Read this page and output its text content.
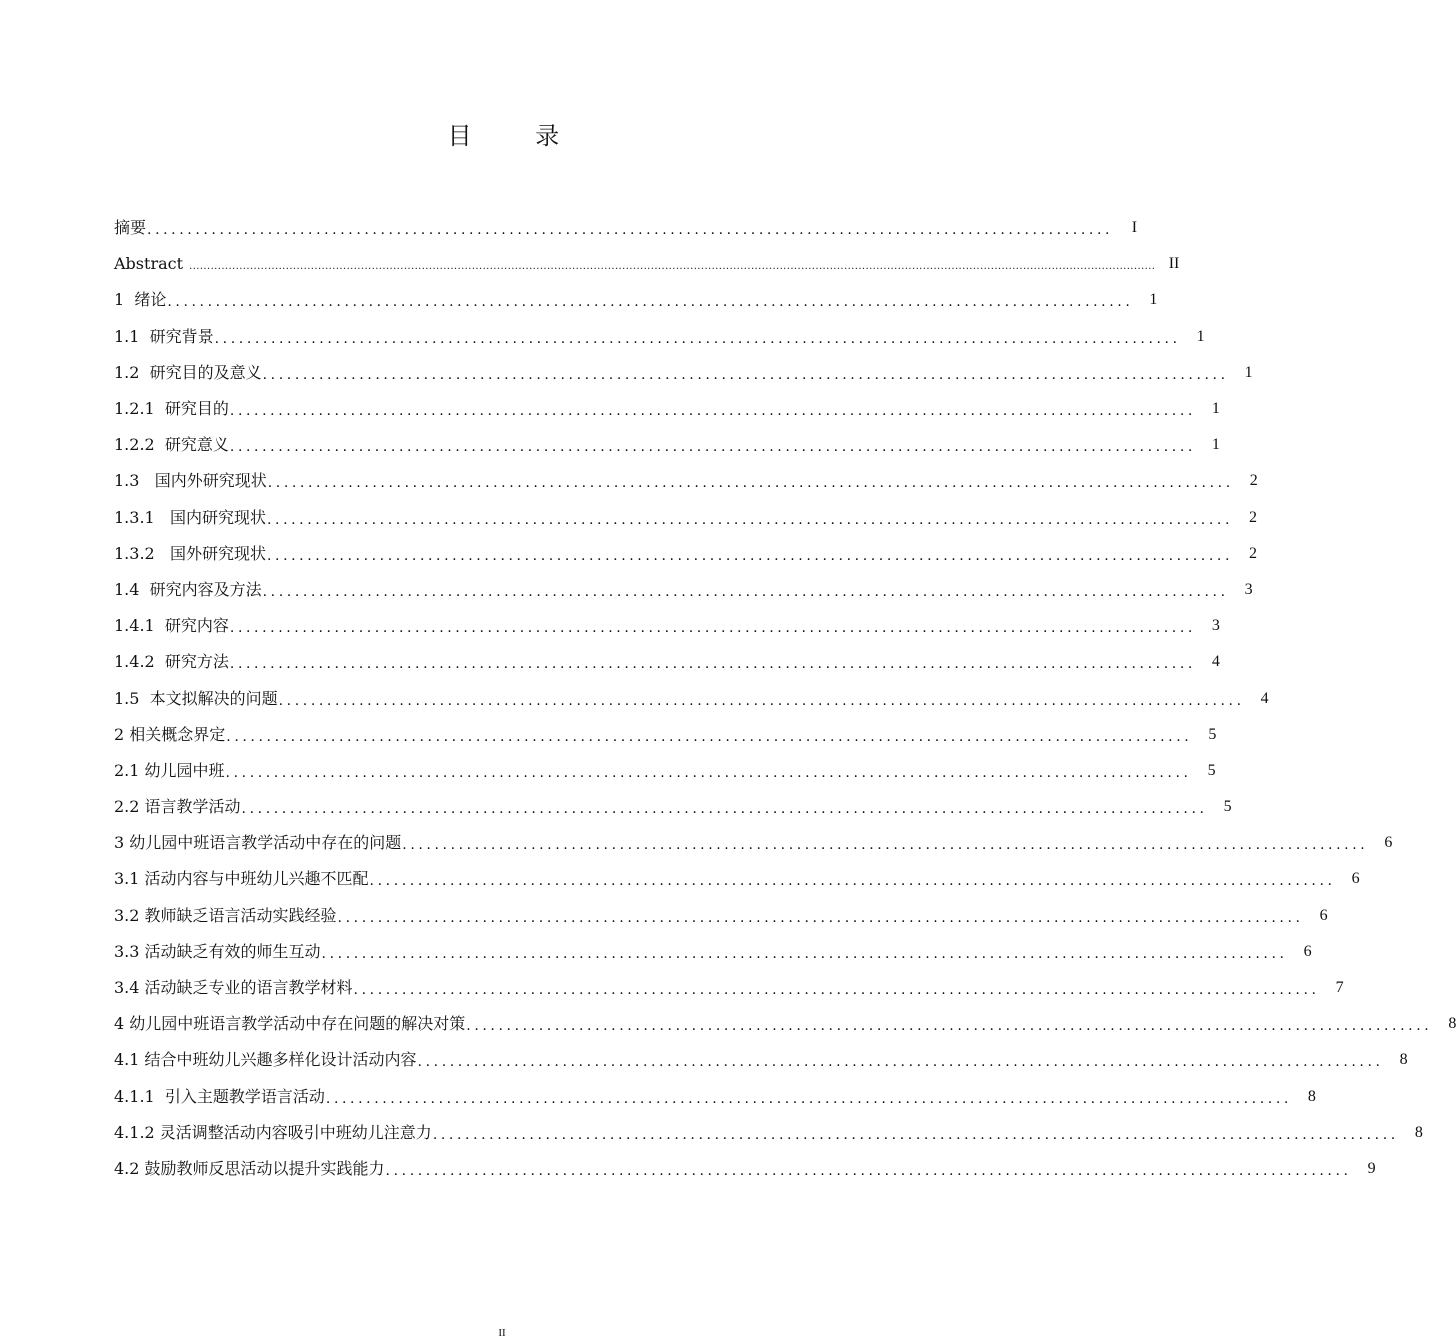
目 录
摘要 ........................................................................................................................	I
Abstract .............................................................................................................................................................................................................................................................................. II
1  绪论 ........................................................................................................................	1
1.1  研究背景 ........................................................................................................................	1
1.2  研究目的及意义 ........................................................................................................................	1
1.2.1  研究目的 ........................................................................................................................	1
1.2.2  研究意义 ........................................................................................................................	1
1.3   国内外研究现状 ........................................................................................................................	2
1.3.1   国内研究现状 ........................................................................................................................	2
1.3.2   国外研究现状 ........................................................................................................................	2
1.4  研究内容及方法 ........................................................................................................................	3
1.4.1  研究内容 ........................................................................................................................	3
1.4.2  研究方法 ........................................................................................................................	4
1.5  本文拟解决的问题 ........................................................................................................................	4
2 相关概念界定 ........................................................................................................................	5
2.1 幼儿园中班 ........................................................................................................................	5
2.2 语言教学活动 ........................................................................................................................	5
3 幼儿园中班语言教学活动中存在的问题 ........................................................................................................................	6
3.1 活动内容与中班幼儿兴趣不匹配 ........................................................................................................................	6
3.2 教师缺乏语言活动实践经验 ........................................................................................................................	6
3.3 活动缺乏有效的师生互动 ........................................................................................................................	6
3.4 活动缺乏专业的语言教学材料 ........................................................................................................................	7
4 幼儿园中班语言教学活动中存在问题的解决对策 ........................................................................................................................	8
4.1 结合中班幼儿兴趣多样化设计活动内容 ........................................................................................................................	8
4.1.1  引入主题教学语言活动 ........................................................................................................................	8
4.1.2 灵活调整活动内容吸引中班幼儿注意力 ........................................................................................................................	8
4.2 鼓励教师反思活动以提升实践能力 ........................................................................................................................	9
II
